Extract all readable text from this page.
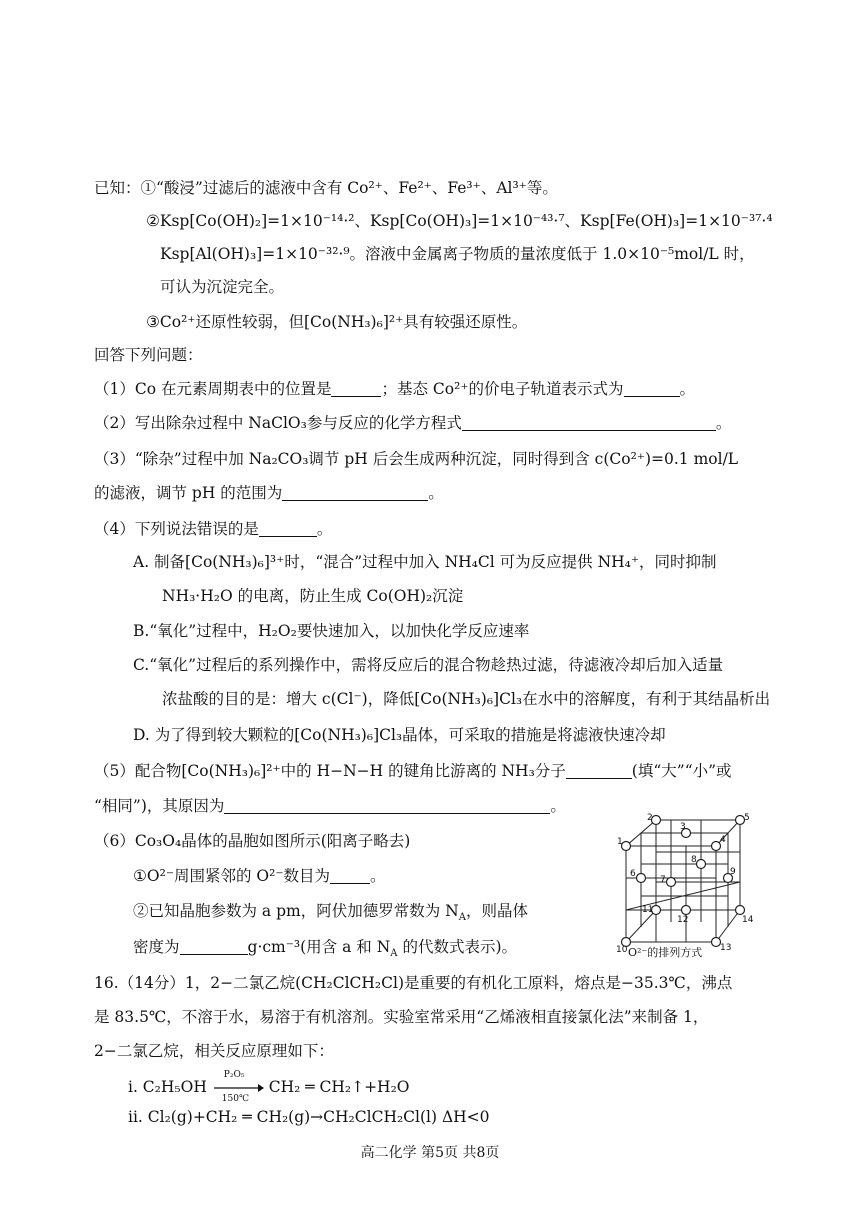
已知：①“酸浸”过滤后的滤液中含有 Co²⁺、Fe²⁺、Fe³⁺、Al³⁺等。
②Ksp[Co(OH)₂]=1×10⁻¹⁴·²、Ksp[Co(OH)₃]=1×10⁻⁴³·⁷、Ksp[Fe(OH)₃]=1×10⁻³⁷·⁴
Ksp[Al(OH)₃]=1×10⁻³²·⁹。溶液中金属离子物质的量浓度低于 1.0×10⁻⁵mol/L 时，
可认为沉淀完全。
③Co²⁺还原性较弱，但[Co(NH₃)₆]²⁺具有较强还原性。
回答下列问题：
（1）Co 在元素周期表中的位置是	；基态 Co²⁺的价电子轨道表示式为	。
（2）写出除杂过程中 NaClO₃参与反应的化学方程式	。
（3）“除杂”过程中加 Na₂CO₃调节 pH 后会生成两种沉淀，同时得到含 c(Co²⁺)=0.1 mol/L
的滤液，调节 pH 的范围为	。
（4）下列说法错误的是	。
A. 制备[Co(NH₃)₆]³⁺时，“混合”过程中加入 NH₄Cl 可为反应提供 NH₄⁺，同时抑制
NH₃·H₂O 的电离，防止生成 Co(OH)₂沉淀
B.“氧化”过程中，H₂O₂要快速加入，以加快化学反应速率
C.“氧化”过程后的系列操作中，需将反应后的混合物趁热过滤，待滤液冷却后加入适量
浓盐酸的目的是：增大 c(Cl⁻)，降低[Co(NH₃)₆]Cl₃在水中的溶解度，有利于其结晶析出
D. 为了得到较大颗粒的[Co(NH₃)₆]Cl₃晶体，可采取的措施是将滤液快速冷却
（5）配合物[Co(NH₃)₆]²⁺中的 H−N−H 的键角比游离的 NH₃分子	(填“大”“小”或
“相同”)，其原因为	。
（6）Co₃O₄晶体的晶胞如图所示(阳离子略去)
①O²⁻周围紧邻的 O²⁻数目为	。
②已知晶胞参数为 a pm，阿伏加德罗常数为 $N_A$，则晶体
密度为	g·cm⁻³(用含 a 和 $N_A$ 的代数式表示)。
1
2
3
4
5
6
7
8
9
10
11
12
13
14
O²⁻的排列方式
16.（14分）1，2−二氯乙烷(CH₂ClCH₂Cl)是重要的有机化工原料，熔点是−35.3℃，沸点
是 83.5℃，不溶于水，易溶于有机溶剂。实验室常采用“乙烯液相直接氯化法”来制备 1，
2−二氯乙烷，相关反应原理如下：
i. C₂H₅OH
P₂O₅
150℃
CH₂ ═ CH₂↑+H₂O
ii. Cl₂(g)+CH₂ ═ CH₂(g)→CH₂ClCH₂Cl(l) ΔH<0
高二化学 第5页 共8页
